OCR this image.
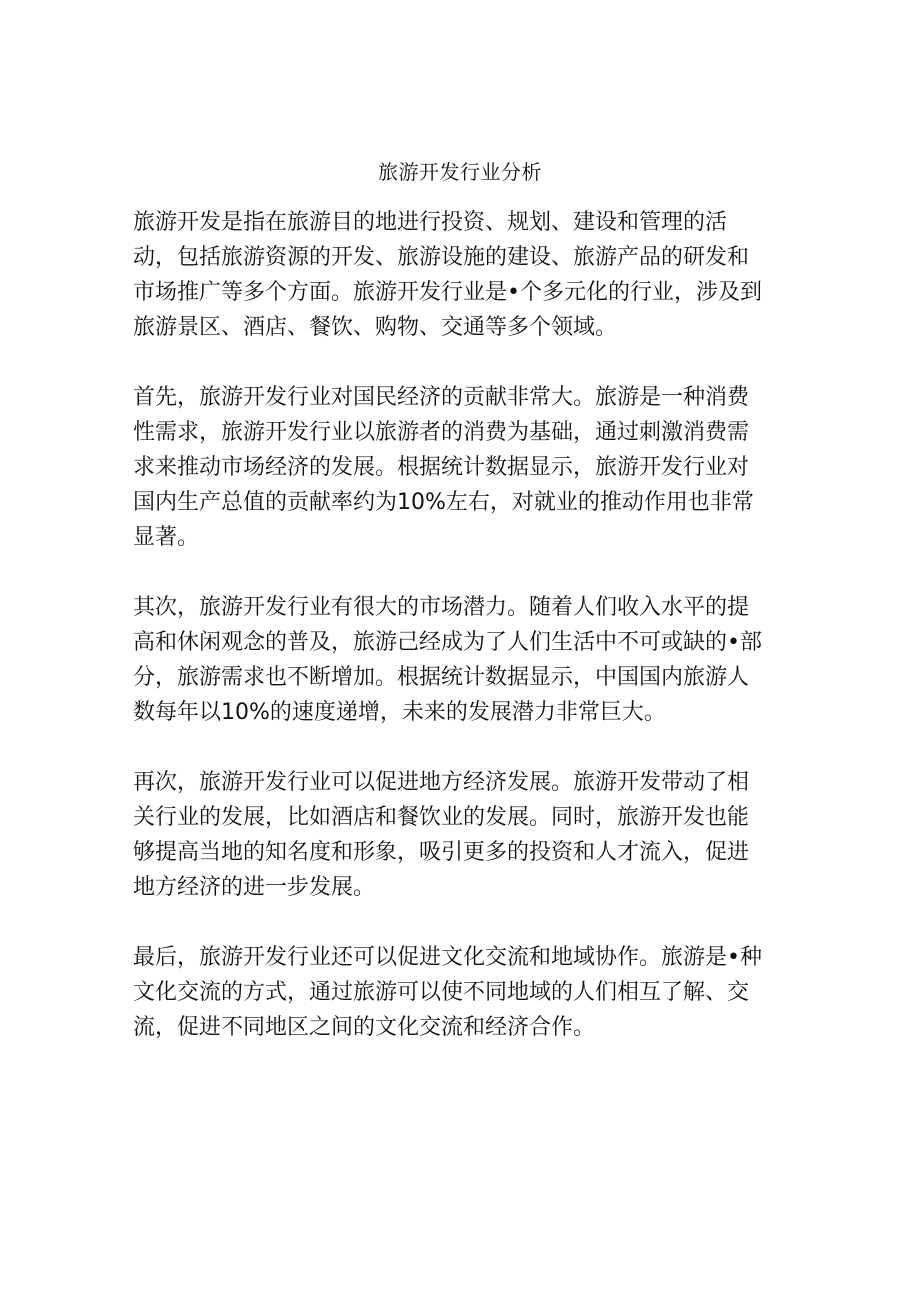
旅游开发行业分析
旅游开发是指在旅游目的地进行投资、规划、建设和管理的活
动，包括旅游资源的开发、旅游设施的建设、旅游产品的研发和
市场推广等多个方面。旅游开发行业是•个多元化的行业，涉及到
旅游景区、酒店、餐饮、购物、交通等多个领域。
首先，旅游开发行业对国民经济的贡献非常大。旅游是一种消费
性需求，旅游开发行业以旅游者的消费为基础，通过刺激消费需
求来推动市场经济的发展。根据统计数据显示，旅游开发行业对
国内生产总值的贡献率约为10%左右，对就业的推动作用也非常
显著。
其次，旅游开发行业有很大的市场潜力。随着人们收入水平的提
高和休闲观念的普及，旅游己经成为了人们生活中不可或缺的•部
分，旅游需求也不断增加。根据统计数据显示，中国国内旅游人
数每年以10%的速度递增，未来的发展潜力非常巨大。
再次，旅游开发行业可以促进地方经济发展。旅游开发带动了相
关行业的发展，比如酒店和餐饮业的发展。同时，旅游开发也能
够提高当地的知名度和形象，吸引更多的投资和人才流入，促进
地方经济的进一步发展。
最后，旅游开发行业还可以促进文化交流和地域协作。旅游是•种
文化交流的方式，通过旅游可以使不同地域的人们相互了解、交
流，促进不同地区之间的文化交流和经济合作。
